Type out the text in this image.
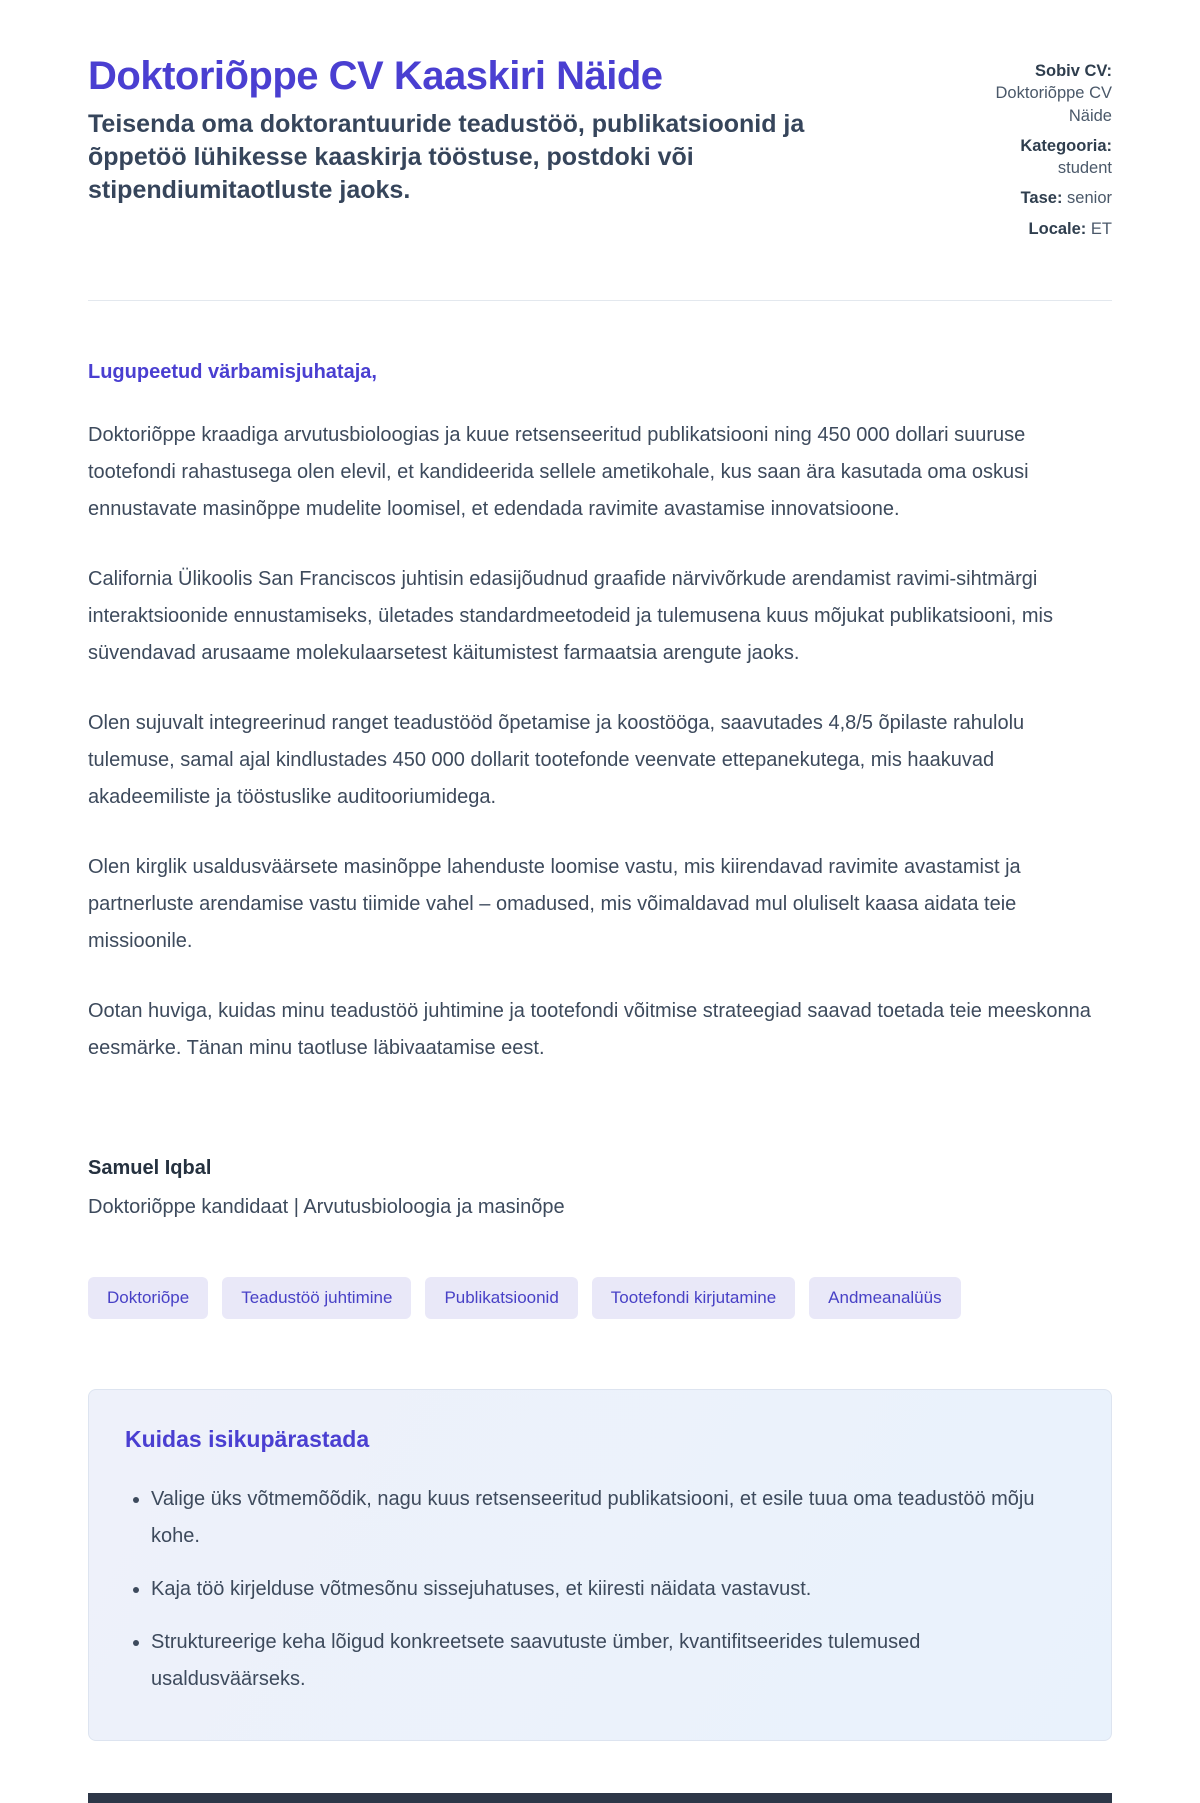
Doktoriõppe CV Kaaskiri Näide

Teisenda oma doktorantuuride teadustöö, publikatsioonid ja õppetöö lühikesse kaaskirja tööstuse, postdoki või stipendiumitaotluste jaoks.

Sobiv CV: Doktoriõppe CV Näide
Kategooria: student
Tase: senior
Locale: ET

Lugupeetud värbamisjuhataja,

Doktoriõppe kraadiga arvutusbioloogias ja kuue retsenseeritud publikatsiooni ning 450 000 dollari suuruse tootefondi rahastusega olen elevil, et kandideerida sellele ametikohale, kus saan ära kasutada oma oskusi ennustavate masinõppe mudelite loomisel, et edendada ravimite avastamise innovatsioone.

California Ülikoolis San Franciscos juhtisin edasijõudnud graafide närvivõrkude arendamist ravimi-sihtmärgi interaktsioonide ennustamiseks, ületades standardmeetodeid ja tulemusena kuus mõjukat publikatsiooni, mis süvendavad arusaame molekulaarsetest käitumistest farmaatsia arengute jaoks.

Olen sujuvalt integreerinud ranget teadustööd õpetamise ja koostööga, saavutades 4,8/5 õpilaste rahulolu tulemuse, samal ajal kindlustades 450 000 dollarit tootefonde veenvate ettepanekutega, mis haakuvad akadeemiliste ja tööstuslike auditooriumidega.

Olen kirglik usaldusväärsete masinõppe lahenduste loomise vastu, mis kiirendavad ravimite avastamist ja partnerluste arendamise vastu tiimide vahel – omadused, mis võimaldavad mul oluliselt kaasa aidata teie missioonile.

Ootan huviga, kuidas minu teadustöö juhtimine ja tootefondi võitmise strateegiad saavad toetada teie meeskonna eesmärke. Tänan minu taotluse läbivaatamise eest.

Samuel Iqbal

Doktoriõppe kandidaat | Arvutusbioloogia ja masinõpe

Doktoriõpe	Teadustöö juhtimine	Publikatsioonid	Tootefondi kirjutamine	Andmeanalüüs
Kuidas isikupärastada
• Valige üks võtmemõõdik, nagu kuus retsenseeritud publikatsiooni, et esile tuua oma teadustöö mõju kohe.
• Kaja töö kirjelduse võtmesõnu sissejuhatuses, et kiiresti näidata vastavust.
• Struktureerige keha lõigud konkreetsete saavutuste ümber, kvantifitseerides tulemused usaldusväärseks.
